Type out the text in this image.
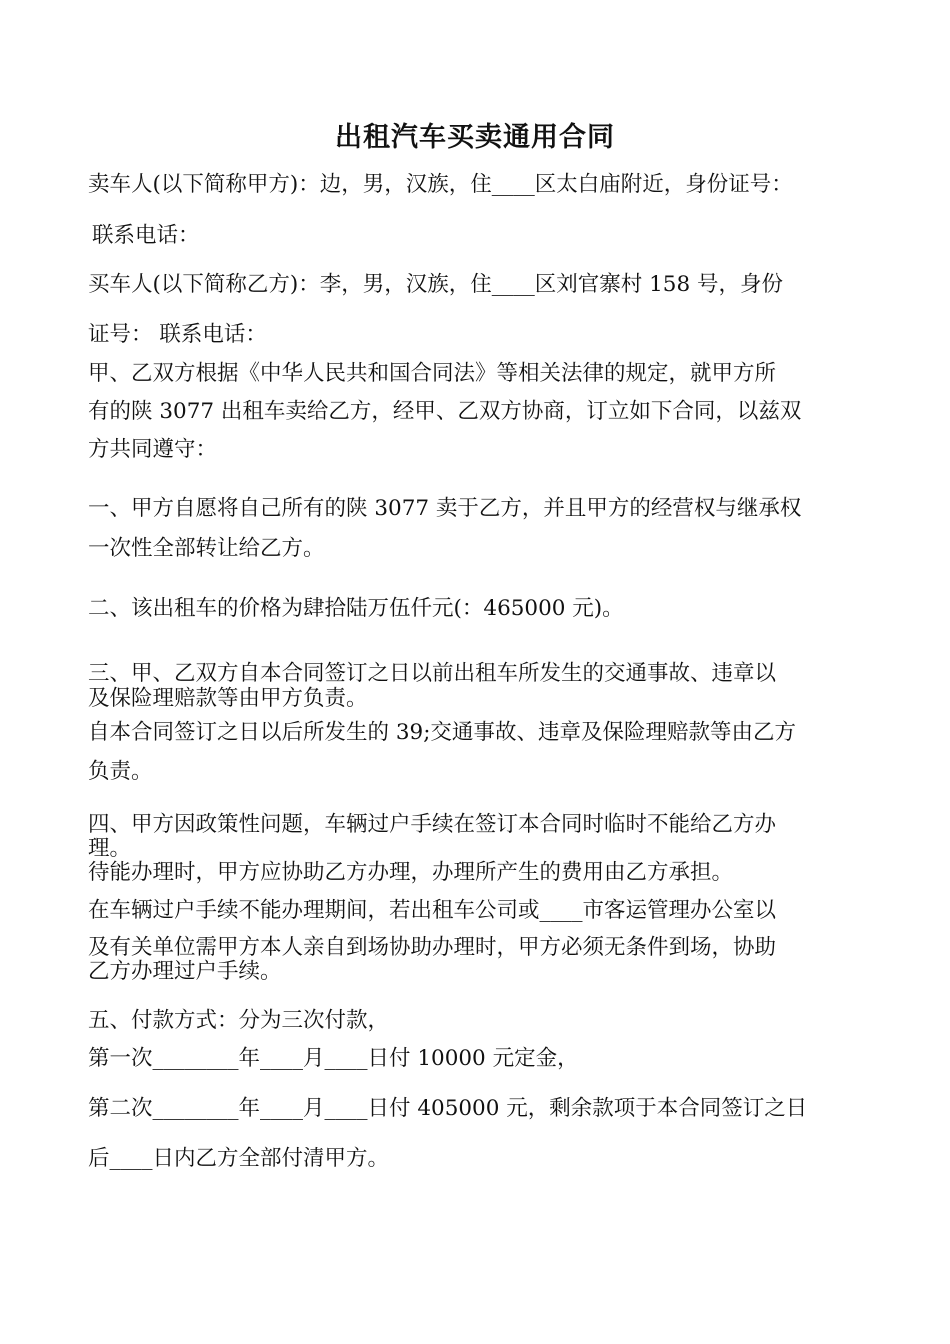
出租汽车买卖通用合同
卖车人(以下简称甲方)：边，男，汉族，住____区太白庙附近，身份证号：
联系电话：
买车人(以下简称乙方)：李，男，汉族，住____区刘官寨村 158 号，身份
证号： 联系电话：
甲、乙双方根据《中华人民共和国合同法》等相关法律的规定，就甲方所
有的陕 3077 出租车卖给乙方，经甲、乙双方协商，订立如下合同，以兹双
方共同遵守：
一、甲方自愿将自己所有的陕 3077 卖于乙方，并且甲方的经营权与继承权
一次性全部转让给乙方。
二、该出租车的价格为肆拾陆万伍仟元(：465000 元)。
三、甲、乙双方自本合同签订之日以前出租车所发生的交通事故、违章以
及保险理赔款等由甲方负责。
自本合同签订之日以后所发生的 39;交通事故、违章及保险理赔款等由乙方
负责。
四、甲方因政策性问题，车辆过户手续在签订本合同时临时不能给乙方办
理。
待能办理时，甲方应协助乙方办理，办理所产生的费用由乙方承担。
在车辆过户手续不能办理期间，若出租车公司或____市客运管理办公室以
及有关单位需甲方本人亲自到场协助办理时，甲方必须无条件到场，协助
乙方办理过户手续。
五、付款方式：分为三次付款，
第一次________年____月____日付 10000 元定金，
第二次________年____月____日付 405000 元，剩余款项于本合同签订之日
后____日内乙方全部付清甲方。
